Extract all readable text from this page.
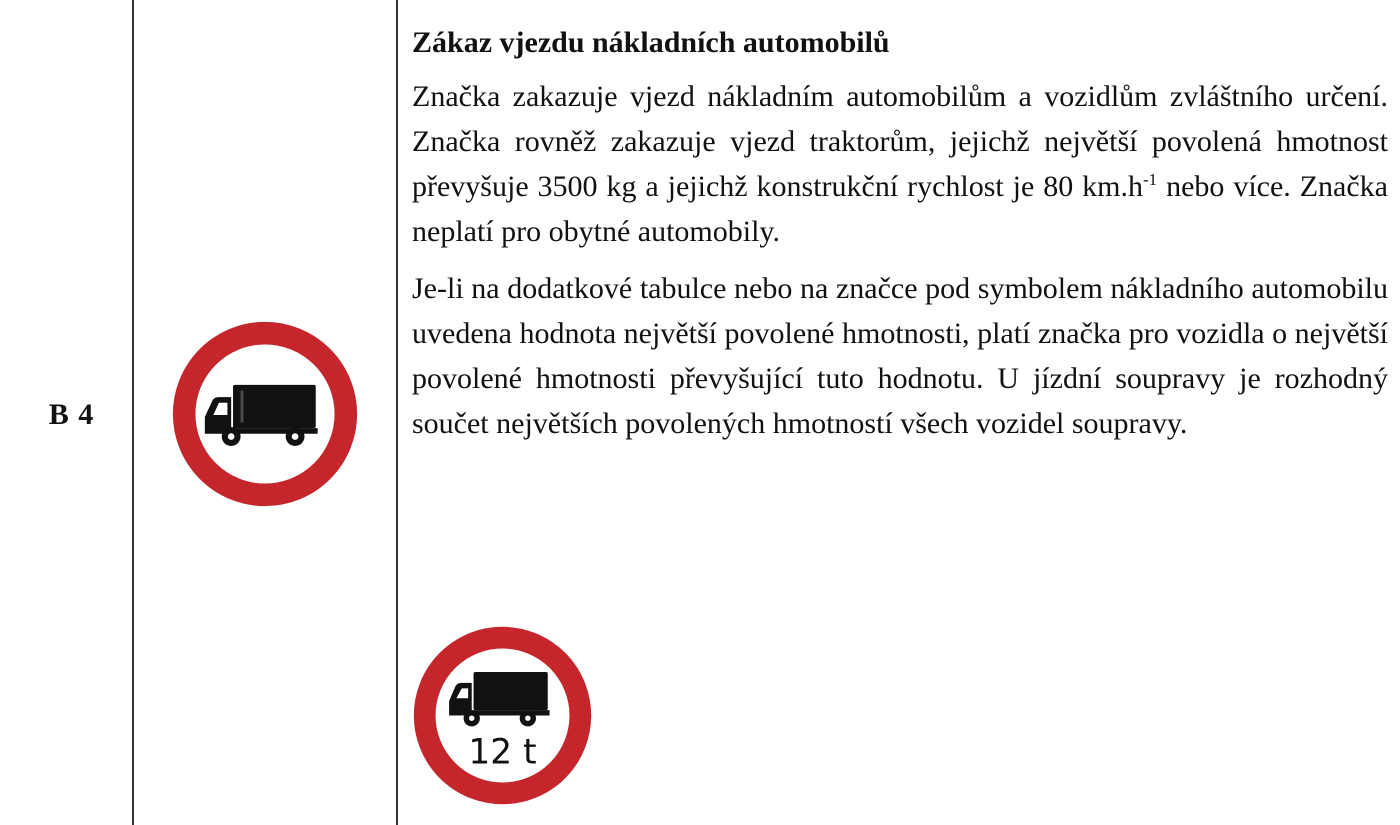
B 4
Zákaz vjezdu nákladních automobilů

Značka zakazuje vjezd nákladním automobilům a vozidlům zvláštního určení. Značka rovněž zakazuje vjezd traktorům, jejichž největší povolená hmotnost převyšuje 3500 kg a jejichž konstrukční rychlost je 80 $km.h^{-1}$ nebo více. Značka neplatí pro obytné automobily.

Je-li na dodatkové tabulce nebo na značce pod symbolem nákladního automobilu uvedena hodnota největší povolené hmotnosti, platí značka pro vozidla o největší povolené hmotnosti převyšující tuto hodnotu. U jízdní soupravy je rozhodný součet největších povolených hmotností všech vozidel soupravy.

12 t
